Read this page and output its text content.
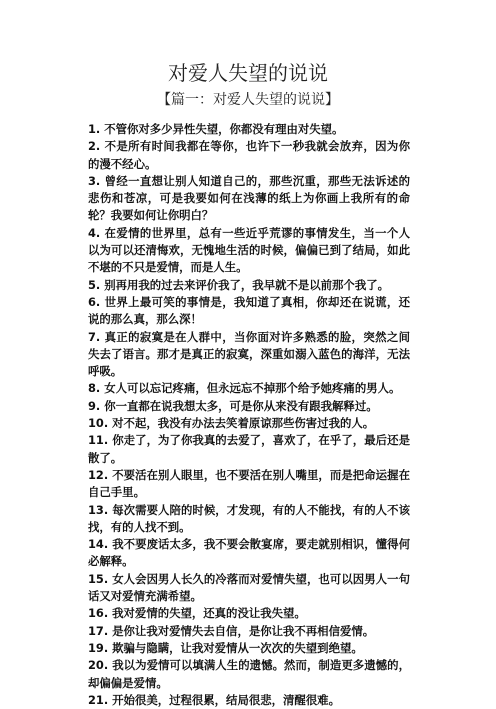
对爱人失望的说说
【篇一：对爱人失望的说说】
1. 不管你对多少异性失望，你都没有理由对失望。
2. 不是所有时间我都在等你，也许下一秒我就会放弃，因为你的漫不经心。
3. 曾经一直想让别人知道自己的，那些沉重，那些无法诉述的悲伤和苍凉，可是我要如何在浅薄的纸上为你画上我所有的命轮？我要如何让你明白？
4. 在爱情的世界里，总有一些近乎荒谬的事情发生，当一个人以为可以还清悔欢，无愧地生活的时候，偏偏已到了结局，如此不堪的不只是爱情，而是人生。
5. 别再用我的过去来评价我了，我早就不是以前那个我了。
6. 世界上最可笑的事情是，我知道了真相，你却还在说谎，还说的那么真，那么深！
7. 真正的寂寞是在人群中，当你面对许多熟悉的脸，突然之间失去了语言。那才是真正的寂寞，深重如溺入蓝色的海洋，无法呼吸。
8. 女人可以忘记疼痛，但永远忘不掉那个给予她疼痛的男人。
9. 你一直都在说我想太多，可是你从来没有跟我解释过。
10. 对不起，我没有办法去笑着原谅那些伤害过我的人。
11. 你走了，为了你我真的去爱了，喜欢了，在乎了，最后还是散了。
12. 不要活在别人眼里，也不要活在别人嘴里，而是把命运握在自己手里。
13. 每次需要人陪的时候，才发现，有的人不能找，有的人不该找，有的人找不到。
14. 我不要废话太多，我不要会散宴席，要走就别相识，懂得何必解释。
15. 女人会因男人长久的冷落而对爱情失望，也可以因男人一句话又对爱情充满希望。
16. 我对爱情的失望，还真的没让我失望。
17. 是你让我对爱情失去自信，是你让我不再相信爱情。
19. 欺骗与隐瞒，让我对爱情从一次次的失望到绝望。
20. 我以为爱情可以填满人生的遗憾。然而，制造更多遗憾的，却偏偏是爱情。
21. 开始很美，过程很累，结局很悲，清醒很难。
